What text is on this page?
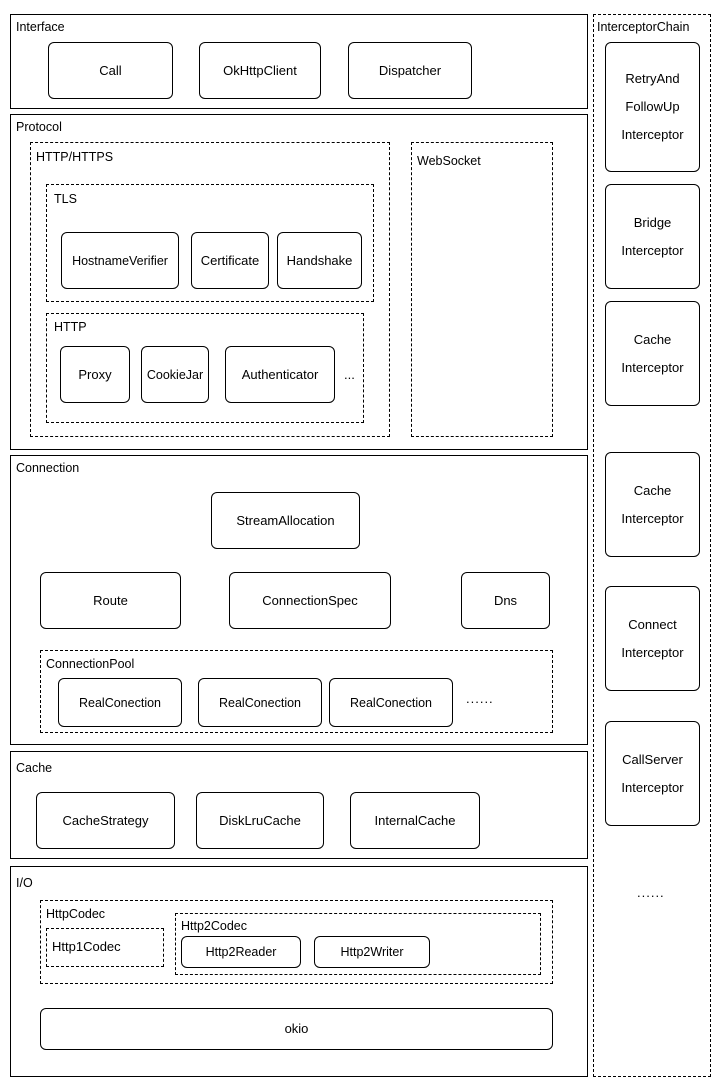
Interface
Call	OkHttpClient	Dispatcher
Protocol
HTTP/HTTPS
TLS
HostnameVerifier	Certificate	Handshake
HTTP
Proxy	CookieJar	Authenticator	...
WebSocket
Connection
StreamAllocation
Route	ConnectionSpec	Dns
ConnectionPool
RealConection	RealConection	RealConection	......
Cache
CacheStrategy	DiskLruCache	InternalCache
I/O
HttpCodec
Http1Codec
Http2Codec
Http2Reader	Http2Writer
okio
InterceptorChain
RetryAnd
FollowUp
Interceptor
Bridge
Interceptor
Cache
Interceptor
Cache
Interceptor
Connect
Interceptor
CallServer
Interceptor
......
